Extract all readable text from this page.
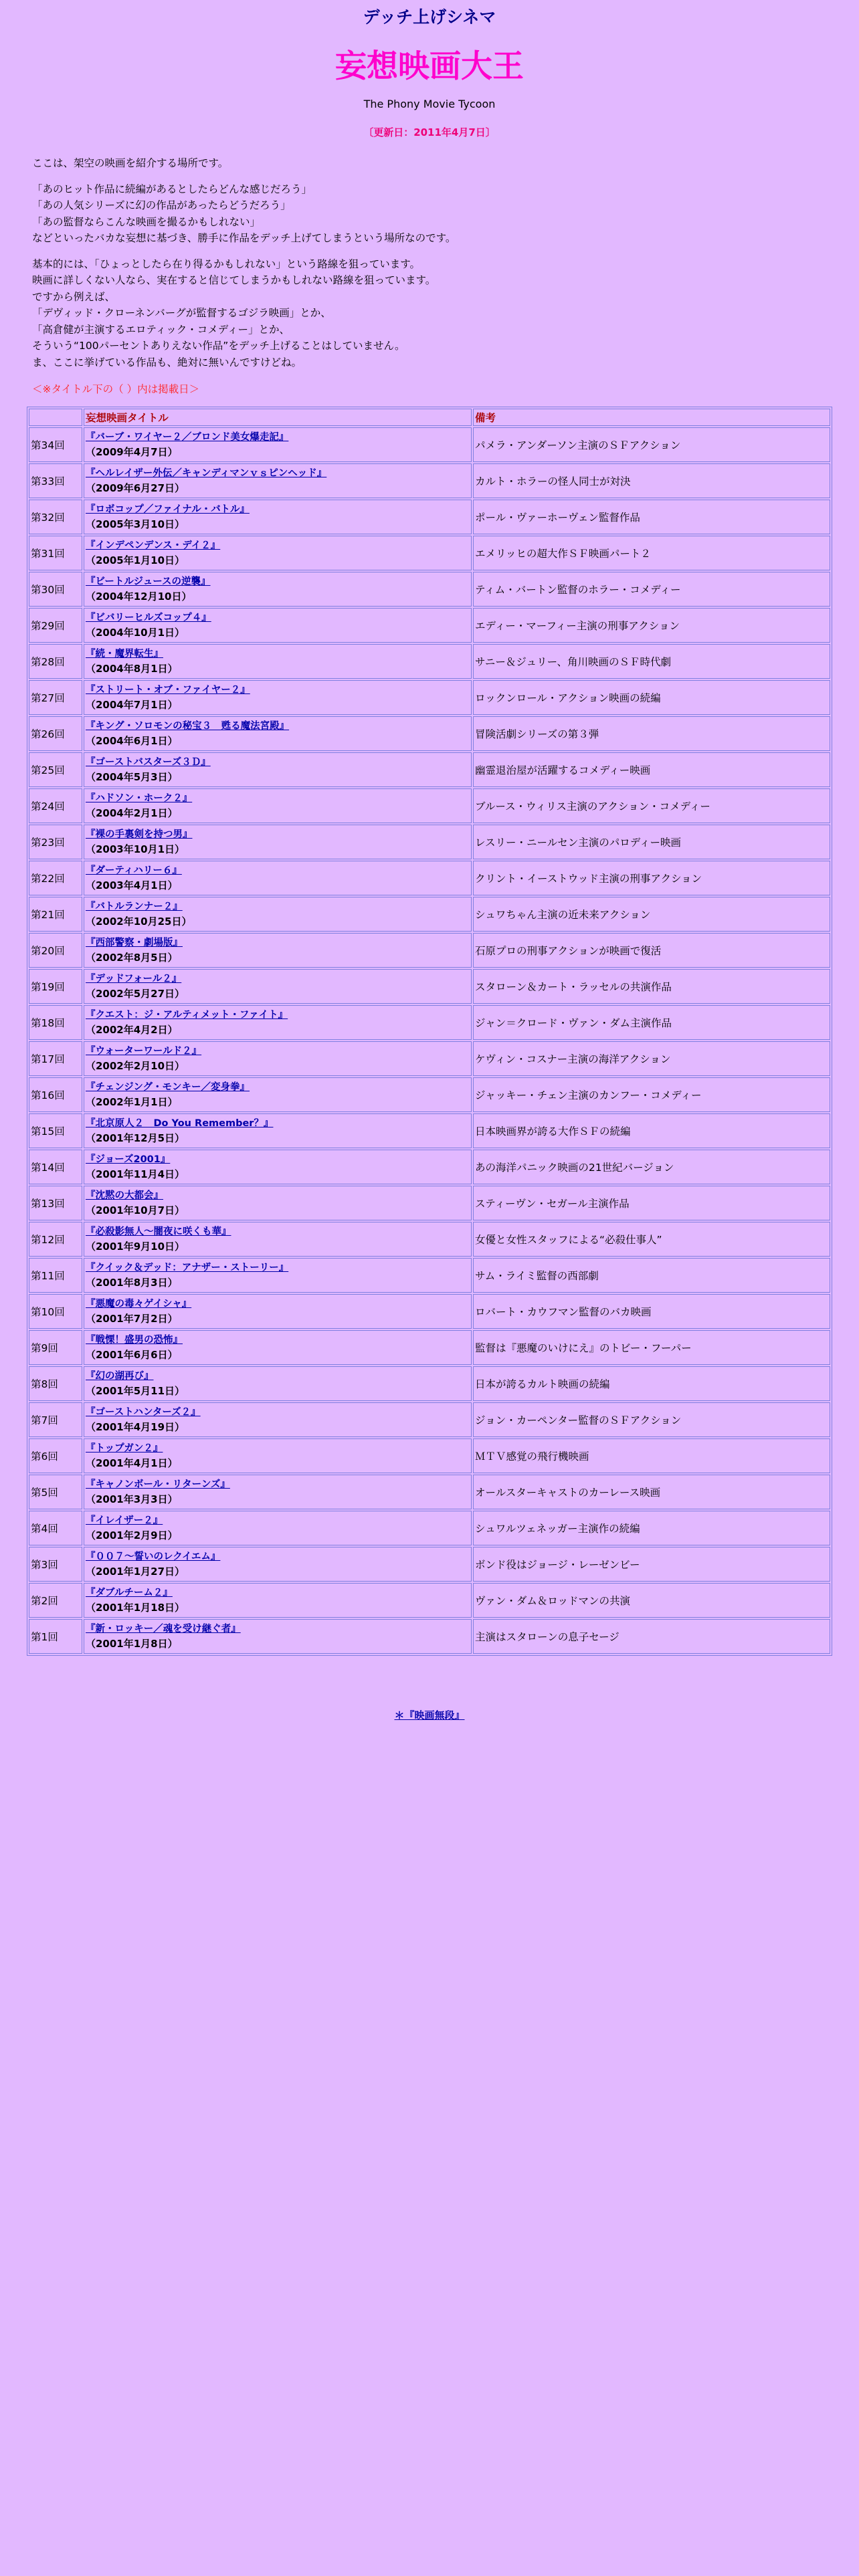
デッチ上げシネマ
妄想映画大王
The Phony Movie Tycoon
〔更新日：2011年4月7日〕

ここは、架空の映画を紹介する場所です。

「あのヒット作品に続編があるとしたらどんな感じだろう」
「あの人気シリーズに幻の作品があったらどうだろう」
「あの監督ならこんな映画を撮るかもしれない」
などといったバカな妄想に基づき、勝手に作品をデッチ上げてしまうという場所なのです。

基本的には、「ひょっとしたら在り得るかもしれない」という路線を狙っています。
映画に詳しくない人なら、実在すると信じてしまうかもしれない路線を狙っています。
ですから例えば、
「デヴィッド・クローネンバーグが監督するゴジラ映画」とか、
「高倉健が主演するエロティック・コメディー」とか、
そういう“100パーセントありえない作品”をデッチ上げることはしていません。
ま、ここに挙げている作品も、絶対に無いんですけどね。

＜※タイトル下の（ ）内は掲載日＞
	妄想映画タイトル	備考
第34回	『バーブ・ワイヤー２／ブロンド美女爆走記』
（2009年4月7日）	パメラ・アンダーソン主演のＳＦアクション
第33回	『ヘルレイザー外伝／キャンディマンｖｓピンヘッド』
（2009年6月27日）	カルト・ホラーの怪人同士が対決
第32回	『ロボコップ／ファイナル・バトル』
（2005年3月10日）	ポール・ヴァーホーヴェン監督作品
第31回	『インデペンデンス・デイ２』
（2005年1月10日）	エメリッヒの超大作ＳＦ映画パート２
第30回	『ビートルジュースの逆襲』
（2004年12月10日）	ティム・バートン監督のホラー・コメディー
第29回	『ビバリーヒルズコップ４』
（2004年10月1日）	エディー・マーフィー主演の刑事アクション
第28回	『続・魔界転生』
（2004年8月1日）	サニー＆ジュリー、角川映画のＳＦ時代劇
第27回	『ストリート・オブ・ファイヤー２』
（2004年7月1日）	ロックンロール・アクション映画の続編
第26回	『キング・ソロモンの秘宝３　甦る魔法宮殿』
（2004年6月1日）	冒険活劇シリーズの第３弾
第25回	『ゴーストバスターズ３Ｄ』
（2004年5月3日）	幽霊退治屋が活躍するコメディー映画
第24回	『ハドソン・ホーク２』
（2004年2月1日）	ブルース・ウィリス主演のアクション・コメディー
第23回	『裸の手裏剣を持つ男』
（2003年10月1日）	レスリー・ニールセン主演のパロディー映画
第22回	『ダーティハリー６』
（2003年4月1日）	クリント・イーストウッド主演の刑事アクション
第21回	『バトルランナー２』
（2002年10月25日）	シュワちゃん主演の近未来アクション
第20回	『西部警察・劇場版』
（2002年8月5日）	石原プロの刑事アクションが映画で復活
第19回	『デッドフォール２』
（2002年5月27日）	スタローン＆カート・ラッセルの共演作品
第18回	『クエスト：ジ・アルティメット・ファイト』
（2002年4月2日）	ジャン＝クロード・ヴァン・ダム主演作品
第17回	『ウォーターワールド２』
（2002年2月10日）	ケヴィン・コスナー主演の海洋アクション
第16回	『チェンジング・モンキー／変身拳』
（2002年1月1日）	ジャッキー・チェン主演のカンフー・コメディー
第15回	『北京原人２　Do You Remember？』
（2001年12月5日）	日本映画界が誇る大作ＳＦの続編
第14回	『ジョーズ2001』
（2001年11月4日）	あの海洋パニック映画の21世紀バージョン
第13回	『沈黙の大都会』
（2001年10月7日）	スティーヴン・セガール主演作品
第12回	『必殺影無人～闇夜に咲くも華』
（2001年9月10日）	女優と女性スタッフによる“必殺仕事人”
第11回	『クイック＆デッド：アナザー・ストーリー』
（2001年8月3日）	サム・ライミ監督の西部劇
第10回	『悪魔の毒々ゲイシャ』
（2001年7月2日）	ロバート・カウフマン監督のバカ映画
第9回	『戦慄！盛男の恐怖』
（2001年6月6日）	監督は『悪魔のいけにえ』のトビー・フーパー
第8回	『幻の湖再び』
（2001年5月11日）	日本が誇るカルト映画の続編
第7回	『ゴーストハンターズ２』
（2001年4月19日）	ジョン・カーペンター監督のＳＦアクション
第6回	『トップガン２』
（2001年4月1日）	ＭＴＶ感覚の飛行機映画
第5回	『キャノンボール・リターンズ』
（2001年3月3日）	オールスターキャストのカーレース映画
第4回	『イレイザー２』
（2001年2月9日）	シュワルツェネッガー主演作の続編
第3回	『００７～誓いのレクイエム』
（2001年1月27日）	ボンド役はジョージ・レーゼンビー
第2回	『ダブルチーム２』
（2001年1月18日）	ヴァン・ダム＆ロッドマンの共演
第1回	『新・ロッキー／魂を受け継ぐ者』
（2001年1月8日）	主演はスタローンの息子セージ
＊『映画無段』
